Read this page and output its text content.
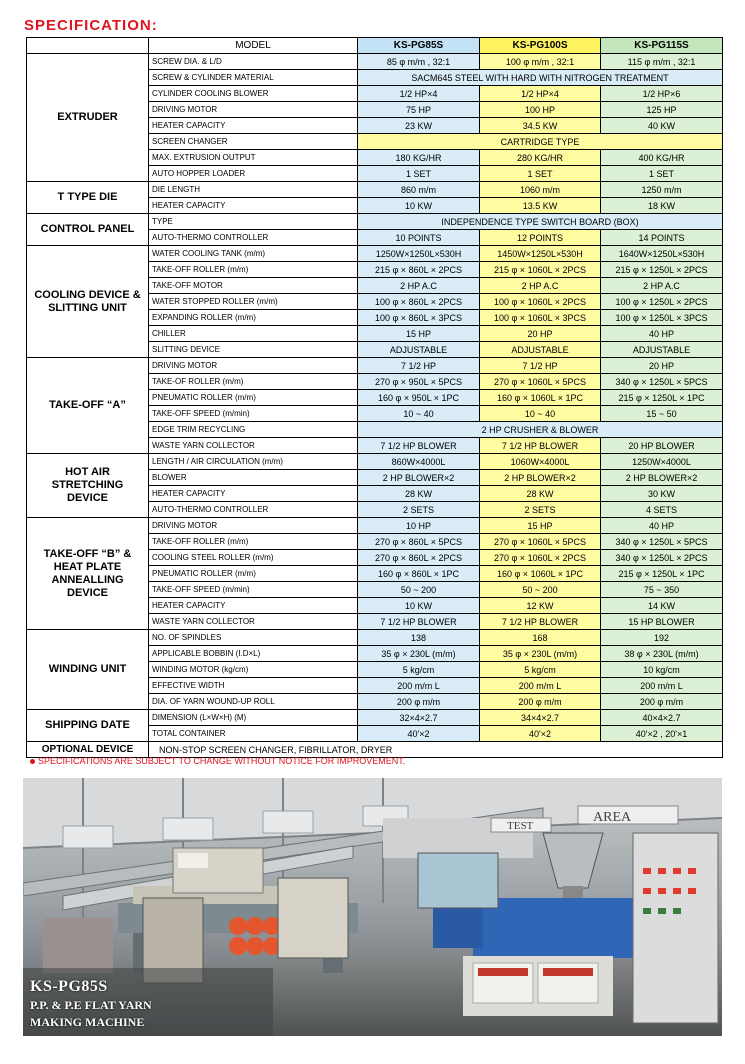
SPECIFICATION:
	MODEL	KS-PG85S	KS-PG100S	KS-PG115S
EXTRUDER	SCREW DIA. & L/D	85 φ m/m , 32:1	100 φ m/m , 32:1	115 φ m/m , 32:1
	SCREW & CYLINDER MATERIAL	SACM645 STEEL WITH HARD WITH NITROGEN TREATMENT		
	CYLINDER COOLING BLOWER	1/2 HP×4	1/2 HP×4	1/2 HP×6
	DRIVING MOTOR	75 HP	100 HP	125 HP
	HEATER CAPACITY	23 KW	34.5 KW	40 KW
	SCREEN CHANGER	CARTRIDGE TYPE		
	MAX. EXTRUSION OUTPUT	180 KG/HR	280 KG/HR	400 KG/HR
	AUTO HOPPER LOADER	1 SET	1 SET	1 SET
T TYPE DIE	DIE LENGTH	860 m/m	1060 m/m	1250 m/m
	HEATER CAPACITY	10 KW	13.5 KW	18 KW
CONTROL PANEL	TYPE	INDEPENDENCE TYPE SWITCH BOARD (BOX)		
	AUTO-THERMO CONTROLLER	10 POINTS	12 POINTS	14 POINTS
COOLING DEVICE & SLITTING UNIT	WATER COOLING TANK (m/m)	1250W×1250L×530H	1450W×1250L×530H	1640W×1250L×530H
	TAKE-OFF ROLLER (m/m)	215 φ × 860L × 2PCS	215 φ × 1060L × 2PCS	215 φ × 1250L × 2PCS
	TAKE-OFF MOTOR	2 HP A.C	2 HP A.C	2 HP A.C
	WATER STOPPED ROLLER (m/m)	100 φ × 860L × 2PCS	100 φ × 1060L × 2PCS	100 φ × 1250L × 2PCS
	EXPANDING ROLLER (m/m)	100 φ × 860L × 3PCS	100 φ × 1060L × 3PCS	100 φ × 1250L × 3PCS
	CHILLER	15 HP	20 HP	40 HP
	SLITTING DEVICE	ADJUSTABLE	ADJUSTABLE	ADJUSTABLE
TAKE-OFF “A”	DRIVING MOTOR	7 1/2 HP	7 1/2 HP	20 HP
	TAKE-OF ROLLER (m/m)	270 φ × 950L × 5PCS	270 φ × 1060L × 5PCS	340 φ × 1250L × 5PCS
	PNEUMATIC ROLLER (m/m)	160 φ × 950L × 1PC	160 φ × 1060L × 1PC	215 φ × 1250L × 1PC
	TAKE-OFF SPEED (m/min)	10 ~ 40	10 ~ 40	15 ~ 50
	EDGE TRIM RECYCLING	2 HP CRUSHER & BLOWER		
	WASTE YARN COLLECTOR	7 1/2 HP BLOWER	7 1/2 HP BLOWER	20 HP BLOWER
HOT AIR STRETCHING DEVICE	LENGTH / AIR CIRCULATION (m/m)	860W×4000L	1060W×4000L	1250W×4000L
	BLOWER	2 HP BLOWER×2	2 HP BLOWER×2	2 HP BLOWER×2
	HEATER CAPACITY	28 KW	28 KW	30 KW
	AUTO-THERMO CONTROLLER	2 SETS	2 SETS	4 SETS
TAKE-OFF “B” & HEAT PLATE ANNEALLING DEVICE	DRIVING MOTOR	10 HP	15 HP	40 HP
	TAKE-OFF ROLLER (m/m)	270 φ × 860L × 5PCS	270 φ × 1060L × 5PCS	340 φ × 1250L × 5PCS
	COOLING STEEL ROLLER (m/m)	270 φ × 860L × 2PCS	270 φ × 1060L × 2PCS	340 φ × 1250L × 2PCS
	PNEUMATIC ROLLER (m/m)	160 φ × 860L × 1PC	160 φ × 1060L × 1PC	215 φ × 1250L × 1PC
	TAKE-OFF SPEED (m/min)	50 ~ 200	50 ~ 200	75 ~ 350
	HEATER CAPACITY	10 KW	12 KW	14 KW
	WASTE YARN COLLECTOR	7 1/2 HP BLOWER	7 1/2 HP BLOWER	15 HP BLOWER
WINDING UNIT	NO. OF SPINDLES	138	168	192
	APPLICABLE BOBBIN (I.D×L)	35 φ × 230L (m/m)	35 φ × 230L (m/m)	38 φ × 230L (m/m)
	WINDING MOTOR (kg/cm)	5 kg/cm	5 kg/cm	10 kg/cm
	EFFECTIVE WIDTH	200 m/m L	200 m/m L	200 m/m L
	DIA. OF YARN WOUND-UP ROLL	200 φ m/m	200 φ m/m	200 φ m/m
SHIPPING DATE	DIMENSION (L×W×H) (M)	32×4×2.7	34×4×2.7	40×4×2.7
	TOTAL CONTAINER	40'×2	40'×2	40'×2 , 20'×1
OPTIONAL DEVICE	NON-STOP SCREEN CHANGER, FIBRILLATOR, DRYER			
SPECIFICATIONS ARE SUBJECT TO CHANGE WITHOUT NOTICE FOR IMPROVEMENT.
TEST
AREA
KS-PG85S
P.P. & P.E FLAT YARN
MAKING MACHINE
